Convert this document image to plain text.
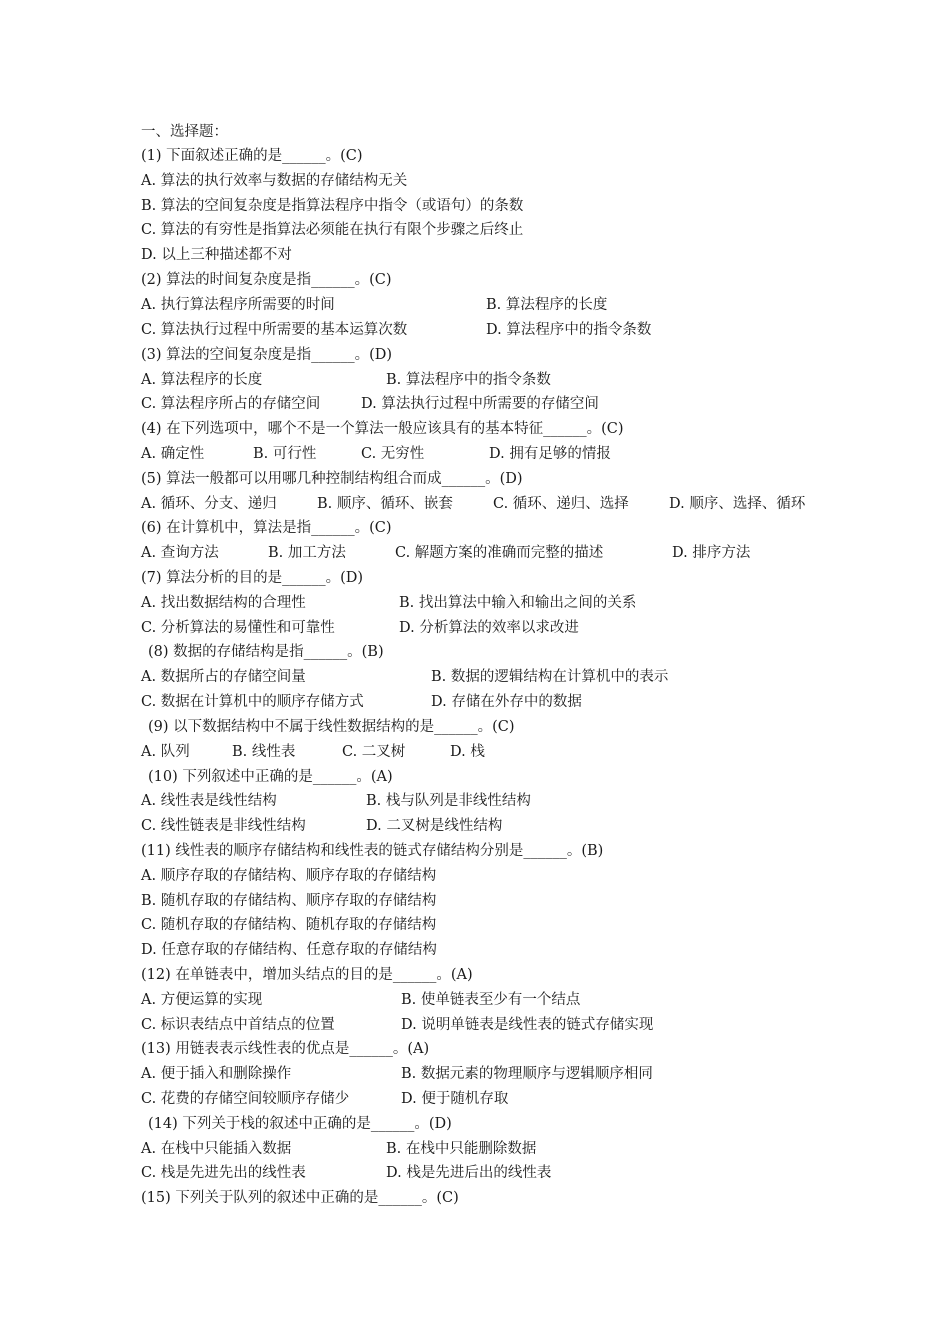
一、选择题：
(1) 下面叙述正确的是______。(C)
A. 算法的执行效率与数据的存储结构无关
B. 算法的空间复杂度是指算法程序中指令（或语句）的条数
C. 算法的有穷性是指算法必须能在执行有限个步骤之后终止
D. 以上三种描述都不对
(2) 算法的时间复杂度是指______。(C)
A. 执行算法程序所需要的时间	B. 算法程序的长度
C. 算法执行过程中所需要的基本运算次数	D. 算法程序中的指令条数
(3) 算法的空间复杂度是指______。(D)
A. 算法程序的长度	B. 算法程序中的指令条数
C. 算法程序所占的存储空间	D. 算法执行过程中所需要的存储空间
(4) 在下列选项中，哪个不是一个算法一般应该具有的基本特征______。(C)
A. 确定性	B. 可行性	C. 无穷性	D. 拥有足够的情报
(5) 算法一般都可以用哪几种控制结构组合而成______。(D)
A. 循环、分支、递归	B. 顺序、循环、嵌套	C. 循环、递归、选择	D. 顺序、选择、循环
(6) 在计算机中，算法是指______。(C)
A. 查询方法	B. 加工方法	C. 解题方案的准确而完整的描述	D. 排序方法
(7) 算法分析的目的是______。(D)
A. 找出数据结构的合理性	B. 找出算法中输入和输出之间的关系
C. 分析算法的易懂性和可靠性	D. 分析算法的效率以求改进
(8) 数据的存储结构是指______。(B)
A. 数据所占的存储空间量	B. 数据的逻辑结构在计算机中的表示
C. 数据在计算机中的顺序存储方式	D. 存储在外存中的数据
(9) 以下数据结构中不属于线性数据结构的是______。(C)
A. 队列	B. 线性表	C. 二叉树	D. 栈
(10) 下列叙述中正确的是______。(A)
A. 线性表是线性结构	B. 栈与队列是非线性结构
C. 线性链表是非线性结构	D. 二叉树是线性结构
(11) 线性表的顺序存储结构和线性表的链式存储结构分别是______。(B)
A. 顺序存取的存储结构、顺序存取的存储结构
B. 随机存取的存储结构、顺序存取的存储结构
C. 随机存取的存储结构、随机存取的存储结构
D. 任意存取的存储结构、任意存取的存储结构
(12) 在单链表中，增加头结点的目的是______。(A)
A. 方便运算的实现	B. 使单链表至少有一个结点
C. 标识表结点中首结点的位置	D. 说明单链表是线性表的链式存储实现
(13) 用链表表示线性表的优点是______。(A)
A. 便于插入和删除操作	B. 数据元素的物理顺序与逻辑顺序相同
C. 花费的存储空间较顺序存储少	D. 便于随机存取
(14) 下列关于栈的叙述中正确的是______。(D)
A. 在栈中只能插入数据	B. 在栈中只能删除数据
C. 栈是先进先出的线性表	D. 栈是先进后出的线性表
(15) 下列关于队列的叙述中正确的是______。(C)
